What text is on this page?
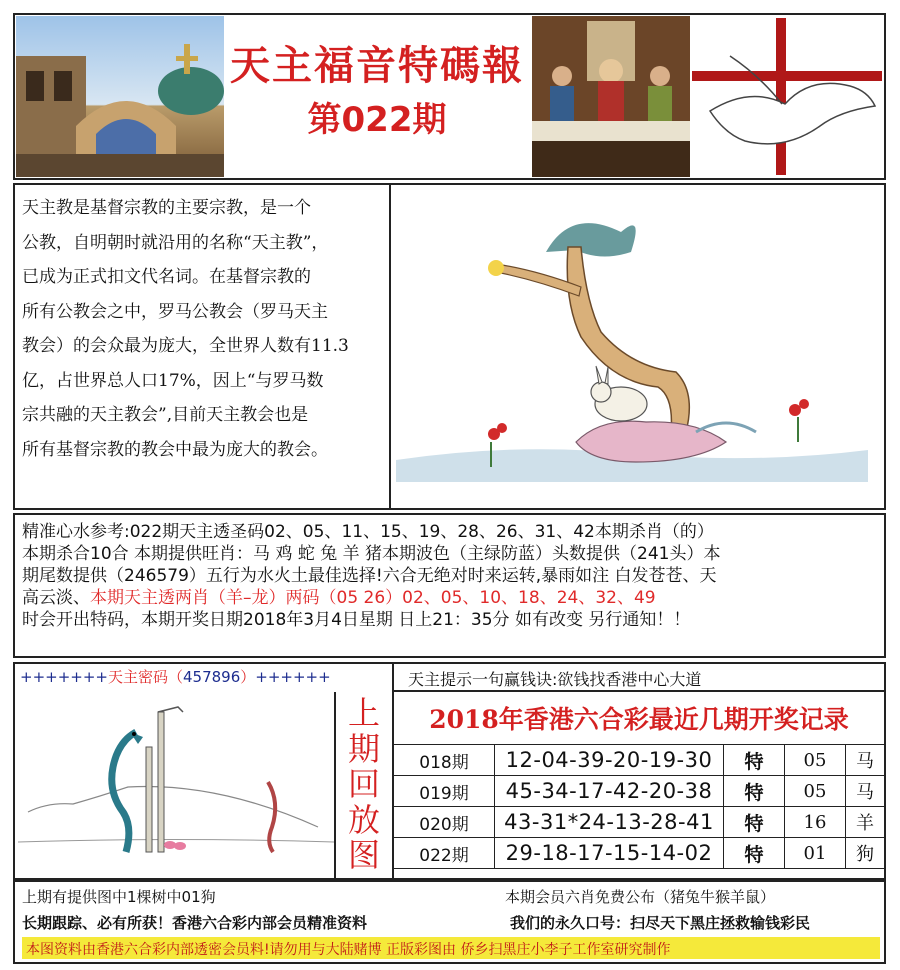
天主福音特碼報
第022期
天主教是基督宗教的主要宗教，是一个
公教，自明朝时就沿用的名称“天主教”，
已成为正式扣文代名词。在基督宗教的
所有公教会之中，罗马公教会（罗马天主
教会）的会众最为庞大，全世界人数有11.3
亿，占世界总人口17%，因上“与罗马数
宗共融的天主教会”,目前天主教会也是
所有基督宗教的教会中最为庞大的教会。
精准心水参考:022期天主透圣码02、05、11、15、19、28、26、31、42本期杀肖（的）
本期杀合10合 本期提供旺肖：马 鸡 蛇 兔 羊 猪本期波色（主绿防蓝）头数提供（241头）本
期尾数提供（246579）五行为水火土最佳选择!六合无绝对时来运转,暴雨如注 白发苍苍、天
高云淡、本期天主透两肖（羊–龙）两码（05 26）02、05、10、18、24、32、49
时会开出特码，本期开奖日期2018年3月4日星期 日上21：35分 如有改变 另行通知！！
+++++++天主密码（457896）++++++	天主提示一句赢钱诀:欲钱找香港中心大道
上
期
回
放
图
2018年香港六合彩最近几期开奖记录
018期	12-04-39-20-19-30	特	05	马
019期	45-34-17-42-20-38	特	05	马
020期	43-31*24-13-28-41	特	16	羊
022期	29-18-17-15-14-02	特	01	狗
上期有提供图中1棵树中01狗	本期会员六肖免费公布（猪兔牛猴羊鼠）
长期跟踪、必有所获！香港六合彩内部会员精准资料	我们的永久口号：扫尽天下黑庄拯救输钱彩民
本图资料由香港六合彩内部透密会员料!请勿用与大陆赌博 正版彩图由 侨乡扫黑庄小李子工作室研究制作
